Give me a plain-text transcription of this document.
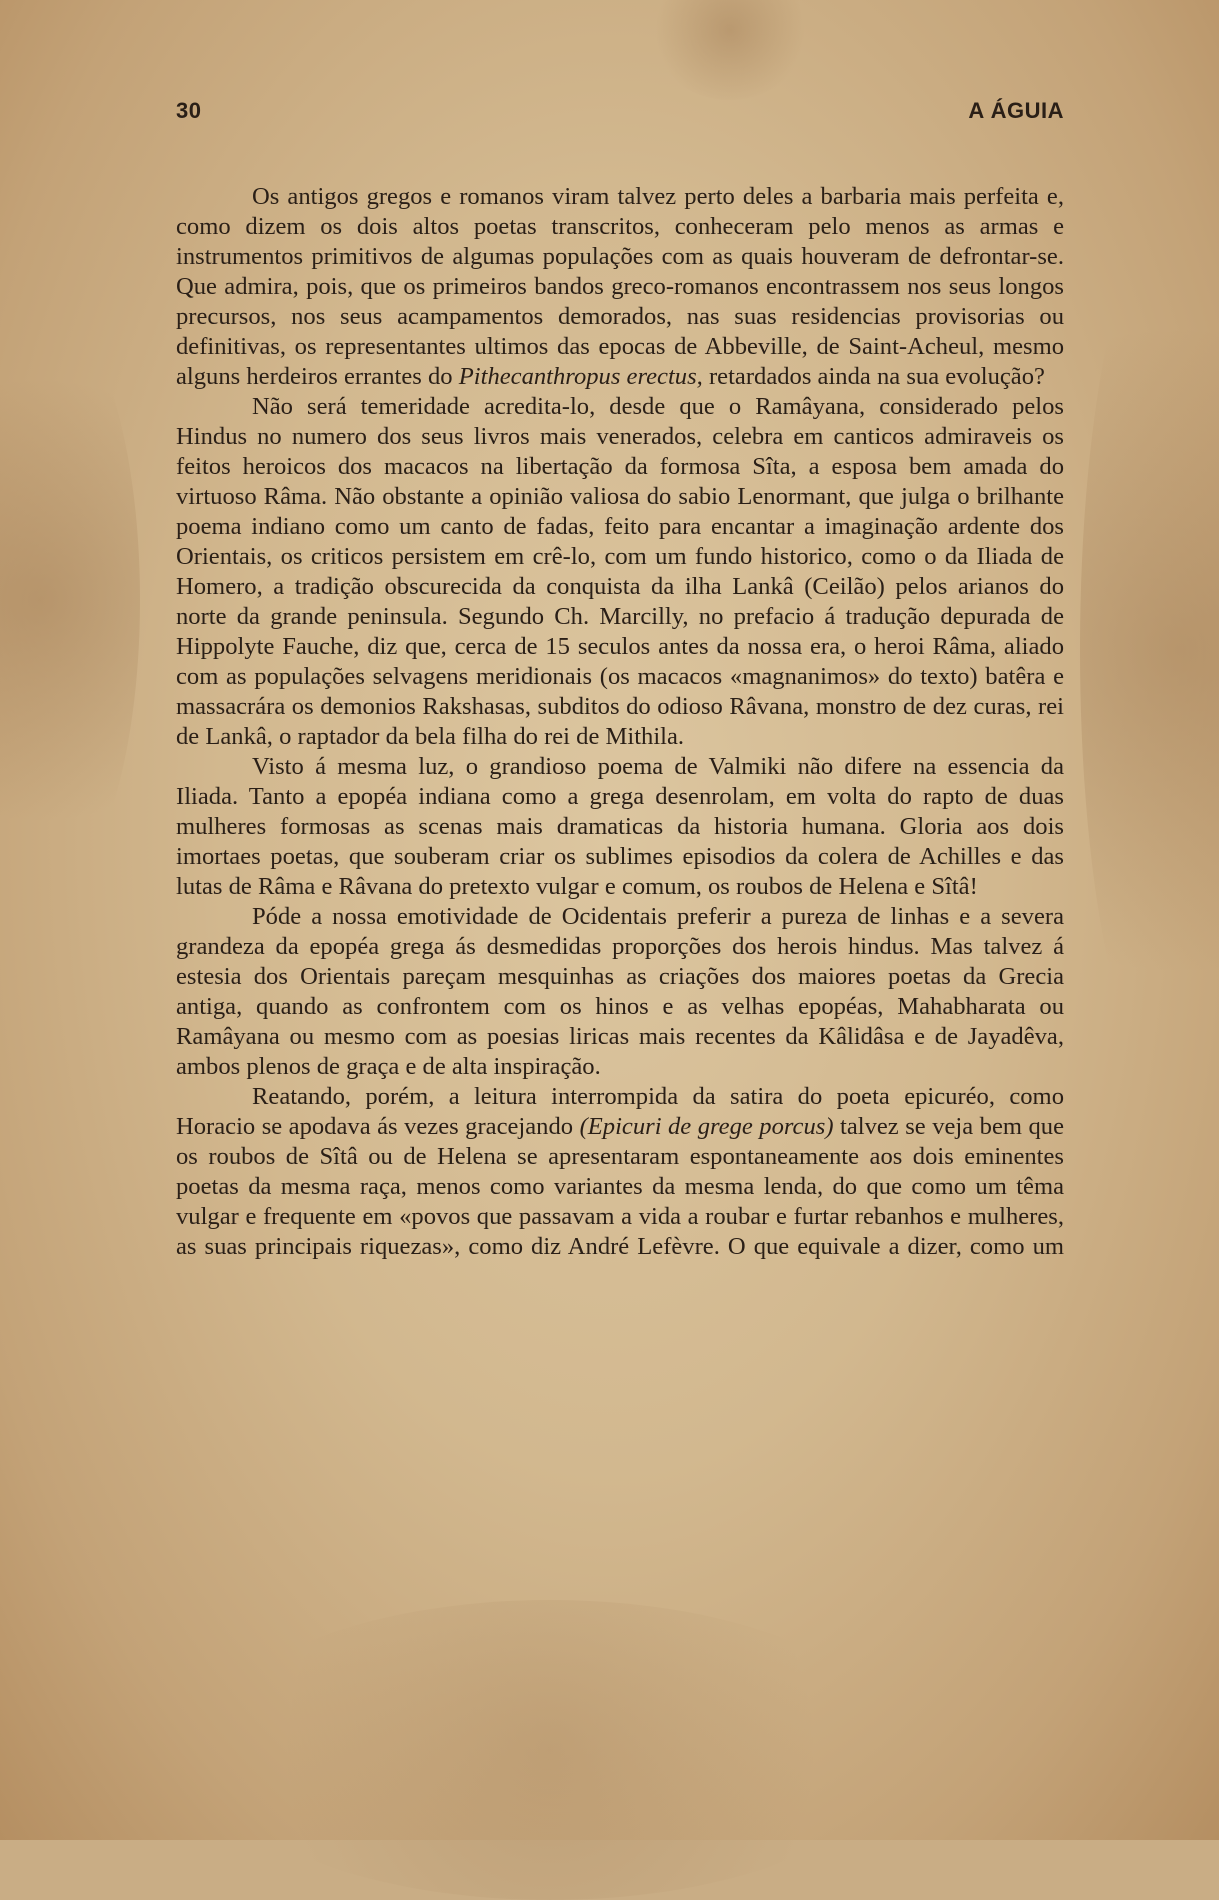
30	A ÁGUIA

Os antigos gregos e romanos viram talvez perto deles a barbaria mais perfeita e, como dizem os dois altos poetas transcritos, conheceram pelo menos as armas e instrumentos primitivos de algumas populações com as quais houveram de defrontar-se. Que admira, pois, que os primeiros bandos greco-romanos encontrassem nos seus longos precursos, nos seus acampamentos demorados, nas suas residencias provisorias ou definitivas, os representantes ultimos das epocas de Abbeville, de Saint-Acheul, mesmo alguns herdeiros errantes do Pithecanthropus erectus, retardados ainda na sua evolução?

Não será temeridade acredita-lo, desde que o Ramâyana, considerado pelos Hindus no numero dos seus livros mais venerados, celebra em canticos admiraveis os feitos heroicos dos macacos na libertação da formosa Sîta, a esposa bem amada do virtuoso Râma. Não obstante a opinião valiosa do sabio Lenormant, que julga o brilhante poema indiano como um canto de fadas, feito para encantar a imaginação ardente dos Orientais, os criticos persistem em crê-lo, com um fundo historico, como o da Iliada de Homero, a tradição obscurecida da conquista da ilha Lankâ (Ceilão) pelos arianos do norte da grande peninsula. Segundo Ch. Marcilly, no prefacio á tradução depurada de Hippolyte Fauche, diz que, cerca de 15 seculos antes da nossa era, o heroi Râma, aliado com as populações selvagens meridionais (os macacos «magnanimos» do texto) batêra e massacrára os demonios Rakshasas, subditos do odioso Râvana, monstro de dez curas, rei de Lankâ, o raptador da bela filha do rei de Mithila.

Visto á mesma luz, o grandioso poema de Valmiki não difere na essencia da Iliada. Tanto a epopéa indiana como a grega desenrolam, em volta do rapto de duas mulheres formosas as scenas mais dramaticas da historia humana. Gloria aos dois imortaes poetas, que souberam criar os sublimes episodios da colera de Achilles e das lutas de Râma e Râvana do pretexto vulgar e comum, os roubos de Helena e Sîtâ!

Póde a nossa emotividade de Ocidentais preferir a pureza de linhas e a severa grandeza da epopéa grega ás desmedidas proporções dos herois hindus. Mas talvez á estesia dos Orientais pareçam mesquinhas as criações dos maiores poetas da Grecia antiga, quando as confrontem com os hinos e as velhas epopéas, Mahabharata ou Ramâyana ou mesmo com as poesias liricas mais recentes da Kâlidâsa e de Jayadêva, ambos plenos de graça e de alta inspiração.

Reatando, porém, a leitura interrompida da satira do poeta epicuréo, como Horacio se apodava ás vezes gracejando (Epicuri de grege porcus) talvez se veja bem que os roubos de Sîtâ ou de Helena se apresentaram espontaneamente aos dois eminentes poetas da mesma raça, menos como variantes da mesma lenda, do que como um têma vulgar e frequente em «povos que passavam a vida a roubar e furtar rebanhos e mulheres, as suas principais riquezas», como diz André Lefèvre. O que equivale a dizer, como um
